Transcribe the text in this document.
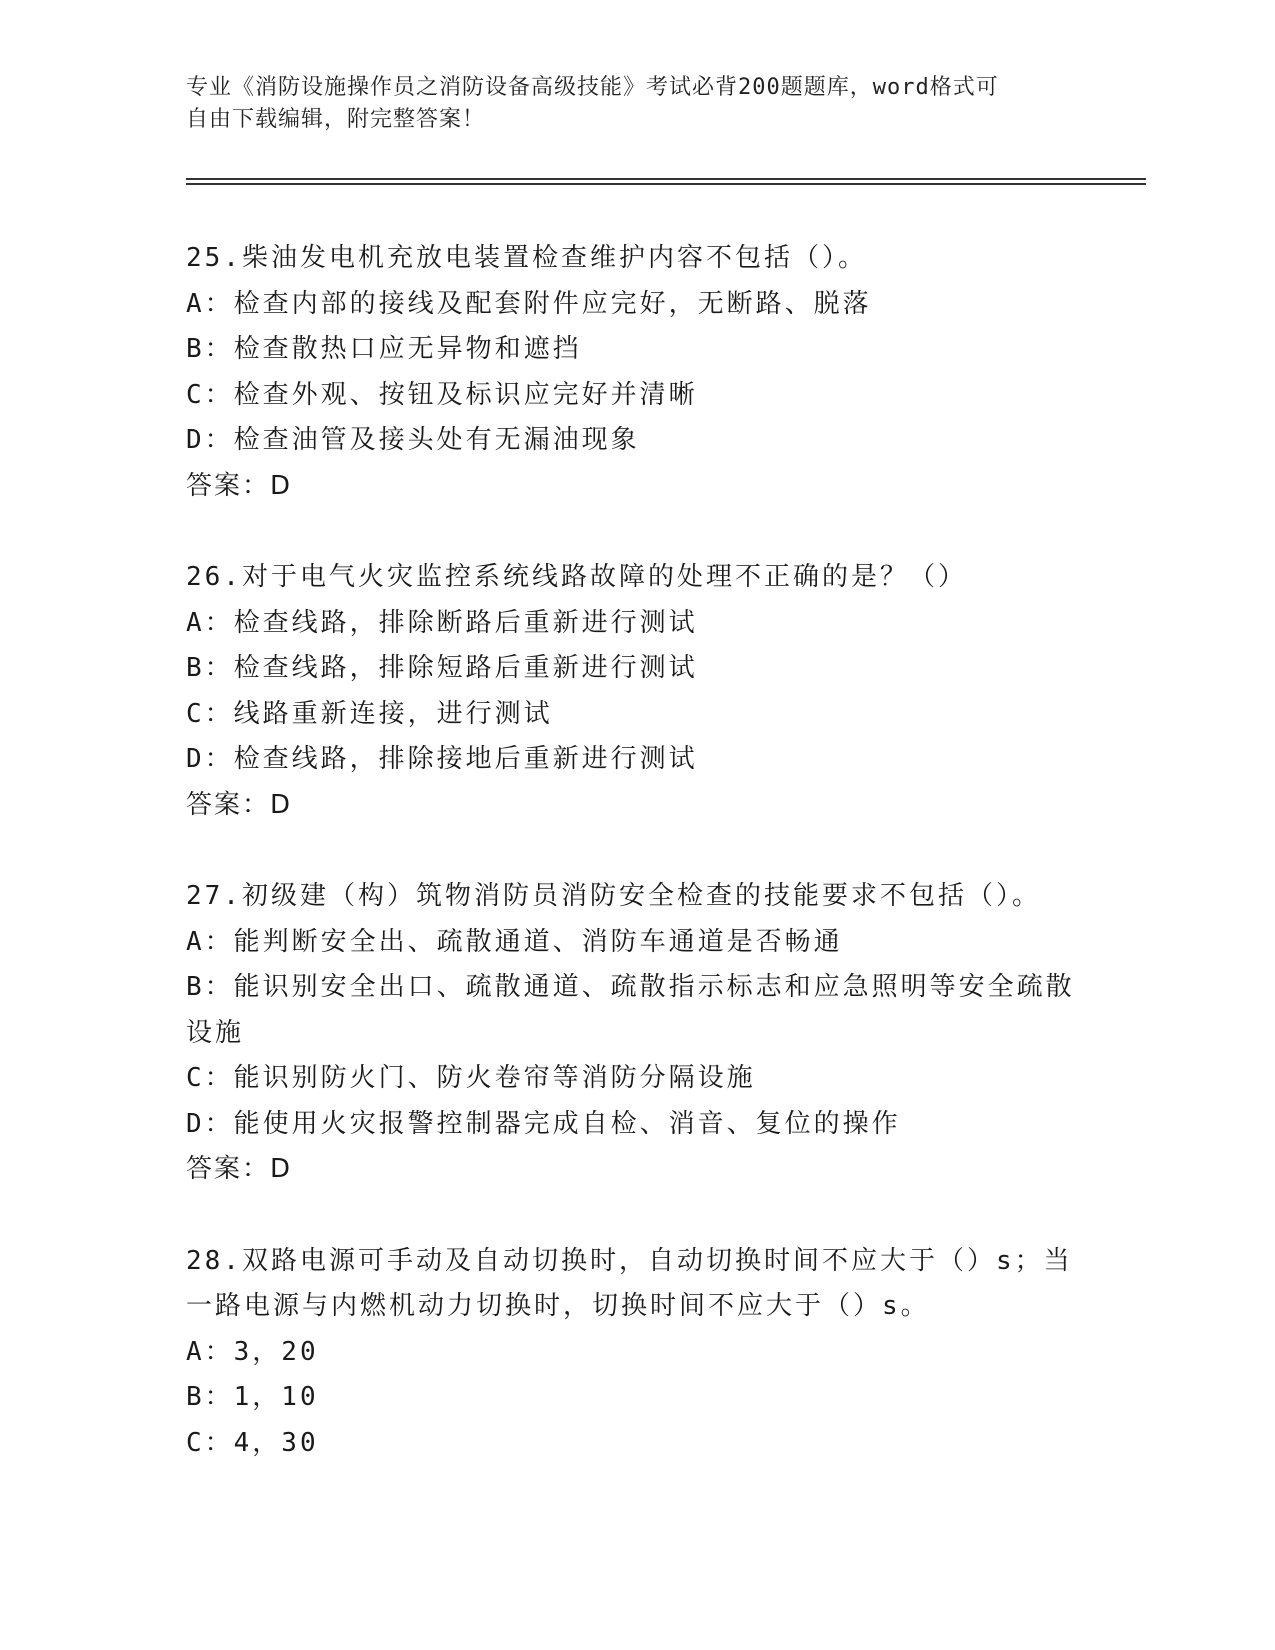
专业《消防设施操作员之消防设备高级技能》考试必背200题题库，word格式可
自由下载编辑，附完整答案！
25.柴油发电机充放电装置检查维护内容不包括（）。
A：检查内部的接线及配套附件应完好，无断路、脱落
B：检查散热口应无异物和遮挡
C：检查外观、按钮及标识应完好并清晰
D：检查油管及接头处有无漏油现象
答案：D
26.对于电气火灾监控系统线路故障的处理不正确的是？（）
A：检查线路，排除断路后重新进行测试
B：检查线路，排除短路后重新进行测试
C：线路重新连接，进行测试
D：检查线路，排除接地后重新进行测试
答案：D
27.初级建（构）筑物消防员消防安全检查的技能要求不包括（）。
A：能判断安全出、疏散通道、消防车通道是否畅通
B：能识别安全出口、疏散通道、疏散指示标志和应急照明等安全疏散
设施
C：能识别防火门、防火卷帘等消防分隔设施
D：能使用火灾报警控制器完成自检、消音、复位的操作
答案：D
28.双路电源可手动及自动切换时，自动切换时间不应大于（）s；当
一路电源与内燃机动力切换时，切换时间不应大于（）s。
A：3，20
B：1，10
C：4，30
